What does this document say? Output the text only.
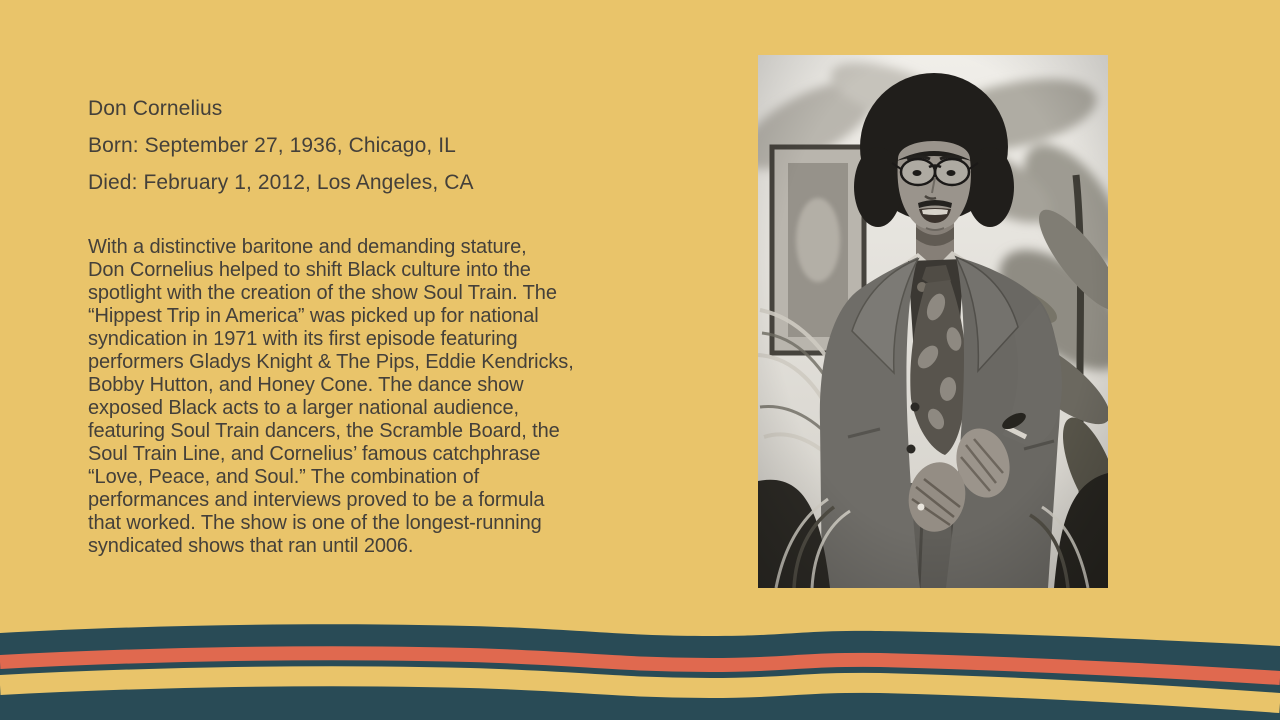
Don Cornelius
Born: September 27, 1936, Chicago, IL
Died: February 1, 2012, Los Angeles, CA
With a distinctive baritone and demanding stature,
Don Cornelius helped to shift Black culture into the
spotlight with the creation of the show Soul Train. The
“Hippest Trip in America” was picked up for national
syndication in 1971 with its first episode featuring
performers Gladys Knight & The Pips, Eddie Kendricks,
Bobby Hutton, and Honey Cone. The dance show
exposed Black acts to a larger national audience,
featuring Soul Train dancers, the Scramble Board, the
Soul Train Line, and Cornelius’ famous catchphrase
“Love, Peace, and Soul.” The combination of
performances and interviews proved to be a formula
that worked. The show is one of the longest-running
syndicated shows that ran until 2006.
